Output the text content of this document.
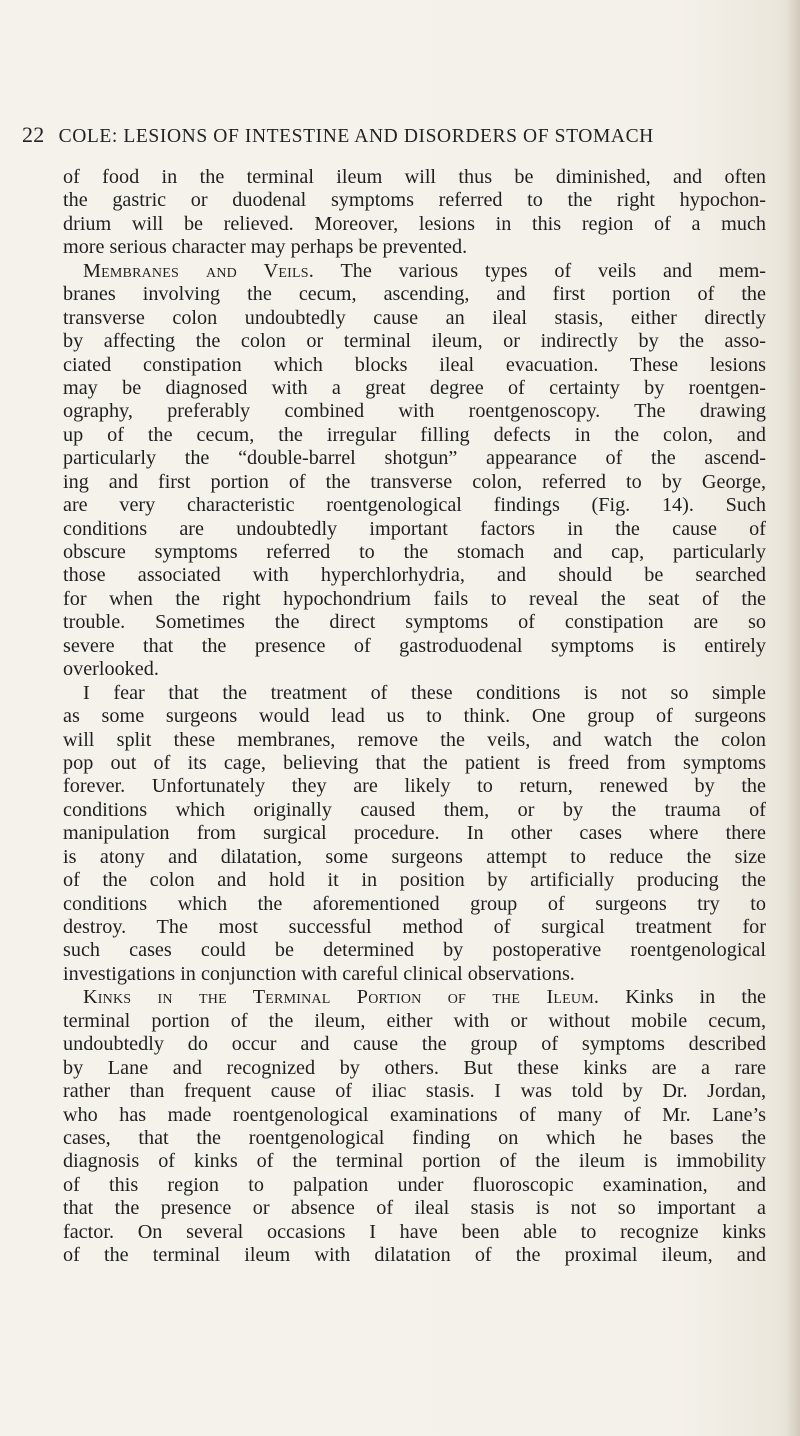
22 COLE: LESIONS OF INTESTINE AND DISORDERS OF STOMACH
of food in the terminal ileum will thus be diminished, and often
the gastric or duodenal symptoms referred to the right hypochon-
drium will be relieved. Moreover, lesions in this region of a much
more serious character may perhaps be prevented.
Membranes and Veils. The various types of veils and mem-
branes involving the cecum, ascending, and first portion of the
transverse colon undoubtedly cause an ileal stasis, either directly
by affecting the colon or terminal ileum, or indirectly by the asso-
ciated constipation which blocks ileal evacuation. These lesions
may be diagnosed with a great degree of certainty by roentgen-
ography, preferably combined with roentgenoscopy. The drawing
up of the cecum, the irregular filling defects in the colon, and
particularly the “double-barrel shotgun” appearance of the ascend-
ing and first portion of the transverse colon, referred to by George,
are very characteristic roentgenological findings (Fig. 14). Such
conditions are undoubtedly important factors in the cause of
obscure symptoms referred to the stomach and cap, particularly
those associated with hyperchlorhydria, and should be searched
for when the right hypochondrium fails to reveal the seat of the
trouble. Sometimes the direct symptoms of constipation are so
severe that the presence of gastroduodenal symptoms is entirely
overlooked.
I fear that the treatment of these conditions is not so simple
as some surgeons would lead us to think. One group of surgeons
will split these membranes, remove the veils, and watch the colon
pop out of its cage, believing that the patient is freed from symptoms
forever. Unfortunately they are likely to return, renewed by the
conditions which originally caused them, or by the trauma of
manipulation from surgical procedure. In other cases where there
is atony and dilatation, some surgeons attempt to reduce the size
of the colon and hold it in position by artificially producing the
conditions which the aforementioned group of surgeons try to
destroy. The most successful method of surgical treatment for
such cases could be determined by postoperative roentgenological
investigations in conjunction with careful clinical observations.
Kinks in the Terminal Portion of the Ileum. Kinks in the
terminal portion of the ileum, either with or without mobile cecum,
undoubtedly do occur and cause the group of symptoms described
by Lane and recognized by others. But these kinks are a rare
rather than frequent cause of iliac stasis. I was told by Dr. Jordan,
who has made roentgenological examinations of many of Mr. Lane’s
cases, that the roentgenological finding on which he bases the
diagnosis of kinks of the terminal portion of the ileum is immobility
of this region to palpation under fluoroscopic examination, and
that the presence or absence of ileal stasis is not so important a
factor. On several occasions I have been able to recognize kinks
of the terminal ileum with dilatation of the proximal ileum, and
